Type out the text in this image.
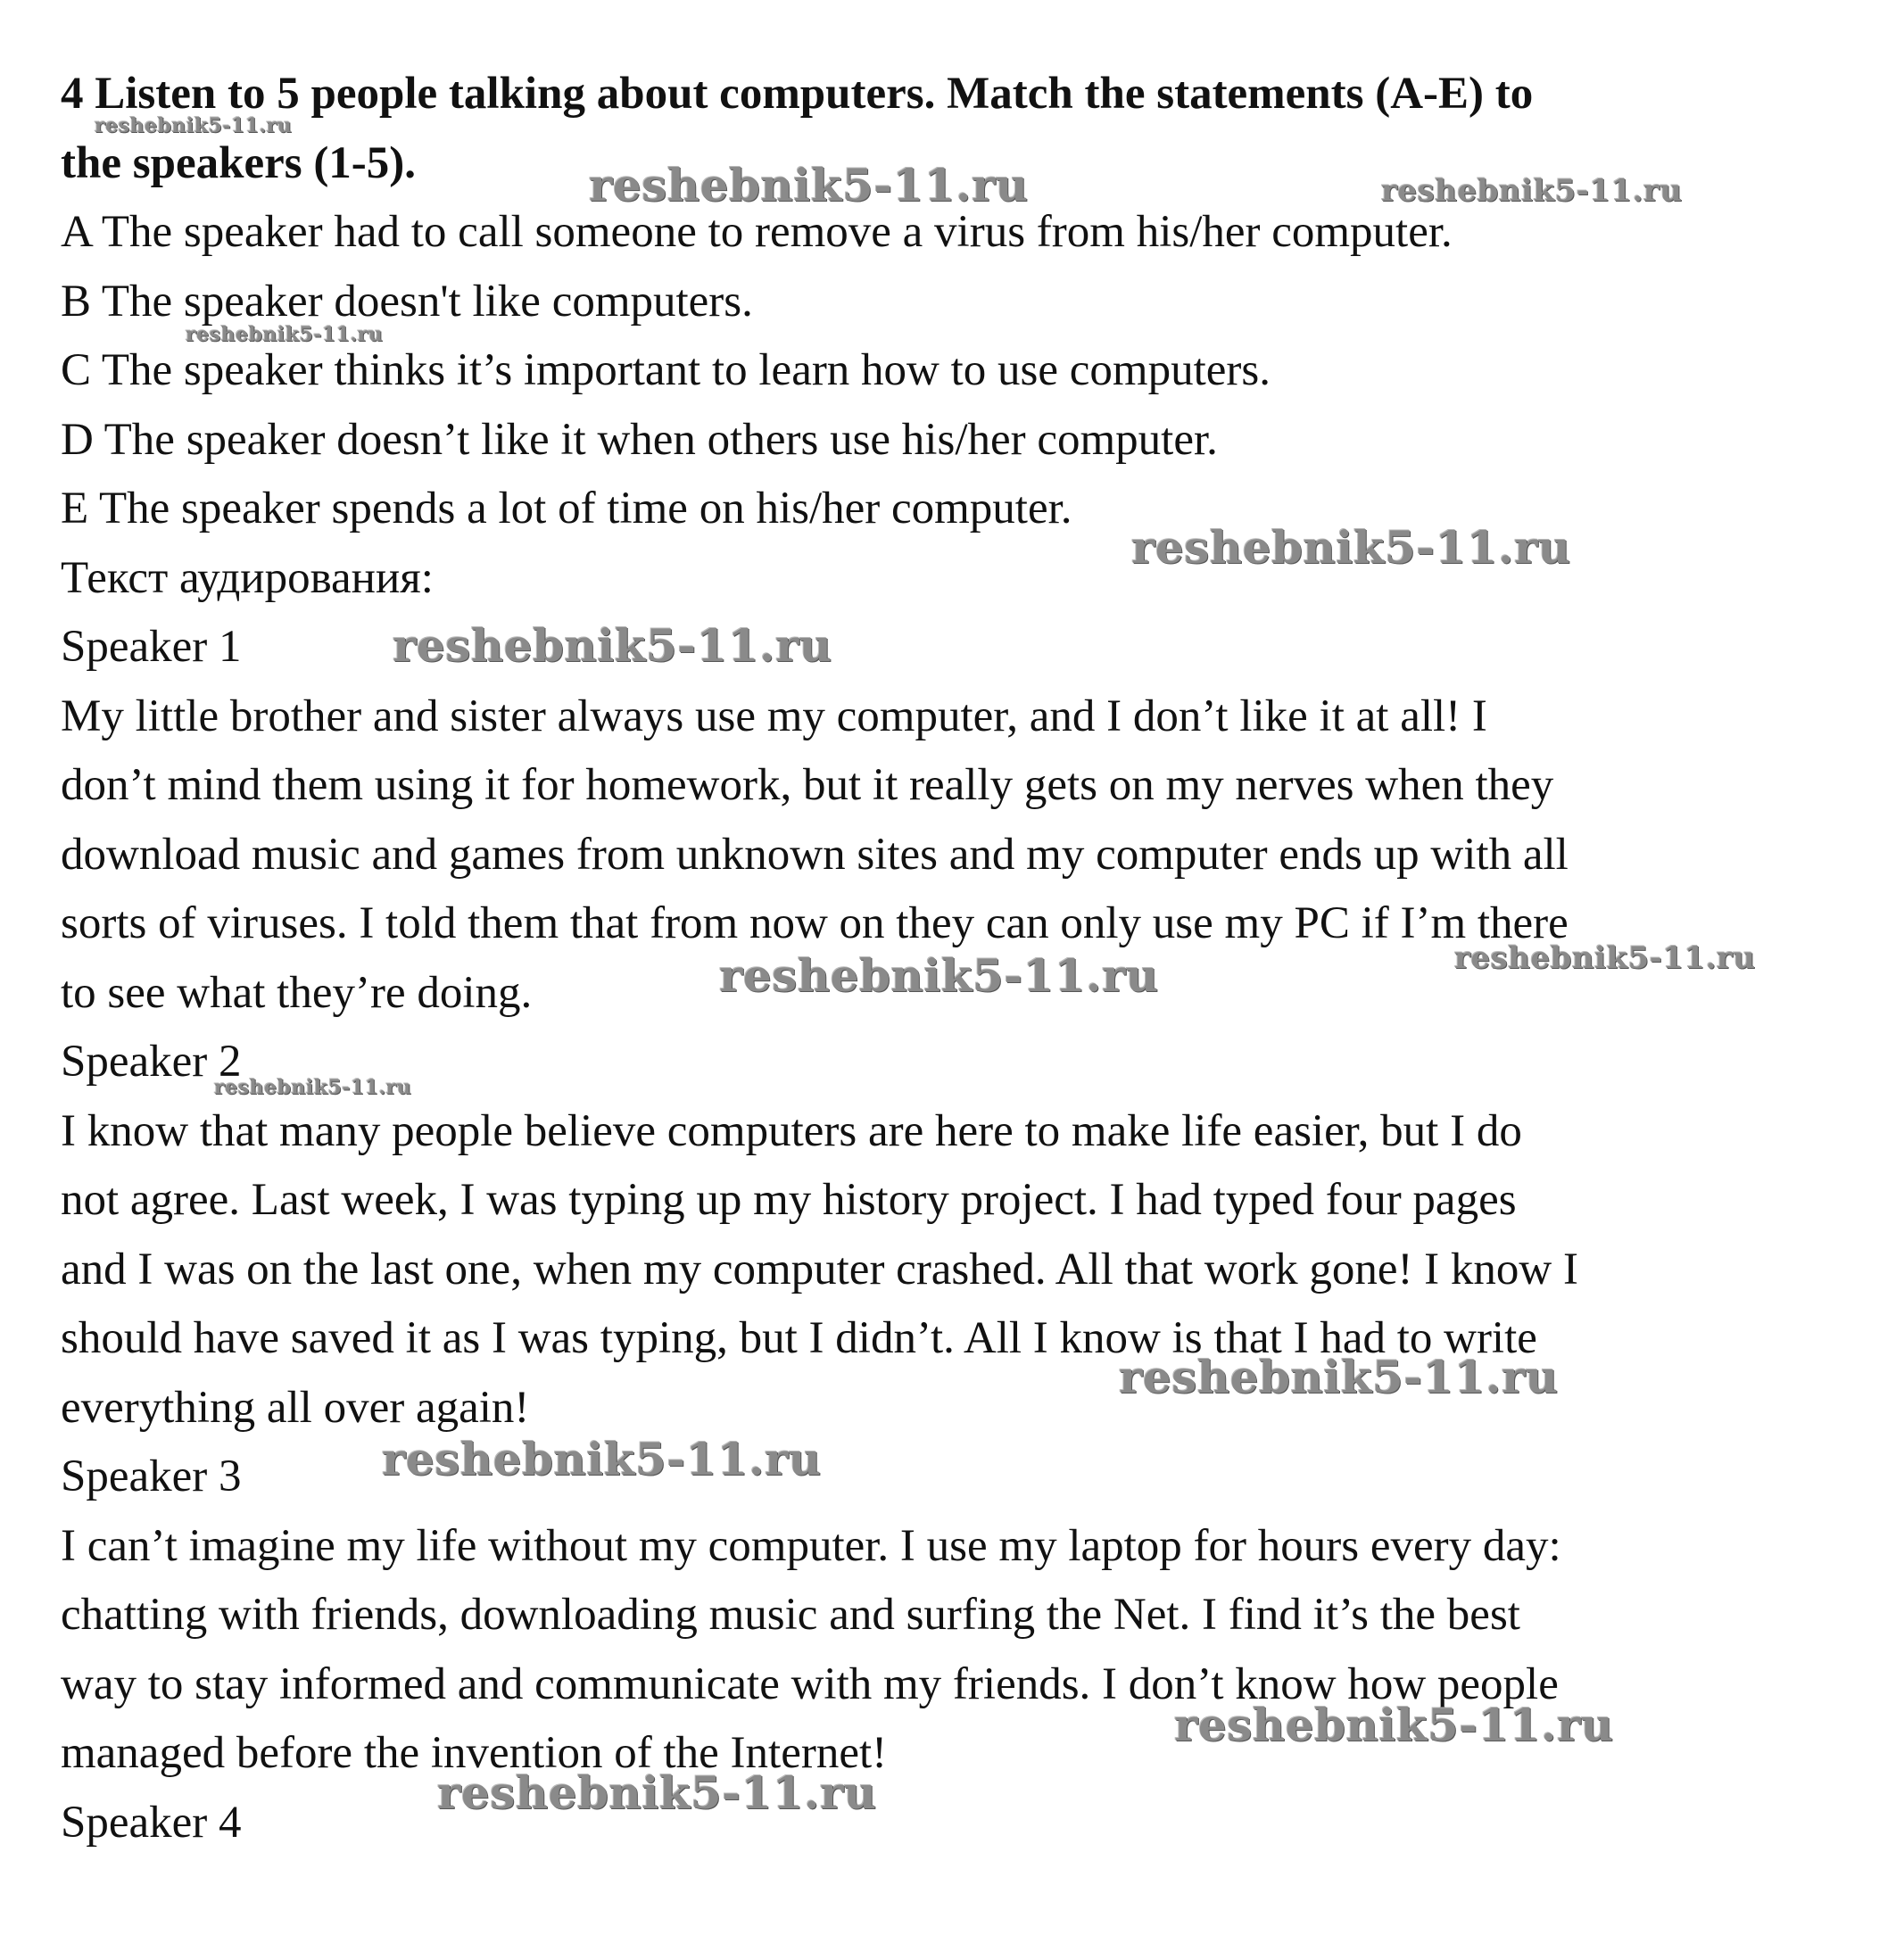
4 Listen to 5 people talking about computers. Match the statements (A-E) to

the speakers (1-5).

A The speaker had to call someone to remove a virus from his/her computer.

B The speaker doesn't like computers.

C The speaker thinks it’s important to learn how to use computers.

D The speaker doesn’t like it when others use his/her computer.

E The speaker spends a lot of time on his/her computer.

Текст аудирования:

Speaker 1

My little brother and sister always use my computer, and I don’t like it at all! I

don’t mind them using it for homework, but it really gets on my nerves when they

download music and games from unknown sites and my computer ends up with all

sorts of viruses. I told them that from now on they can only use my PC if I’m there

to see what they’re doing.

Speaker 2

I know that many people believe computers are here to make life easier, but I do

not agree. Last week, I was typing up my history project. I had typed four pages

and I was on the last one, when my computer crashed. All that work gone! I know I

should have saved it as I was typing, but I didn’t. All I know is that I had to write

everything all over again!

Speaker 3

I can’t imagine my life without my computer. I use my laptop for hours every day:

chatting with friends, downloading music and surfing the Net. I find it’s the best

way to stay informed and communicate with my friends. I don’t know how people

managed before the invention of the Internet!

Speaker 4

reshebnik5-11.ru
reshebnik5-11.ru	reshebnik5-11.ru
reshebnik5-11.ru
reshebnik5-11.ru
reshebnik5-11.ru
reshebnik5-11.ru
reshebnik5-11.ru
reshebnik5-11.ru
reshebnik5-11.ru
reshebnik5-11.ru
reshebnik5-11.ru
reshebnik5-11.ru
